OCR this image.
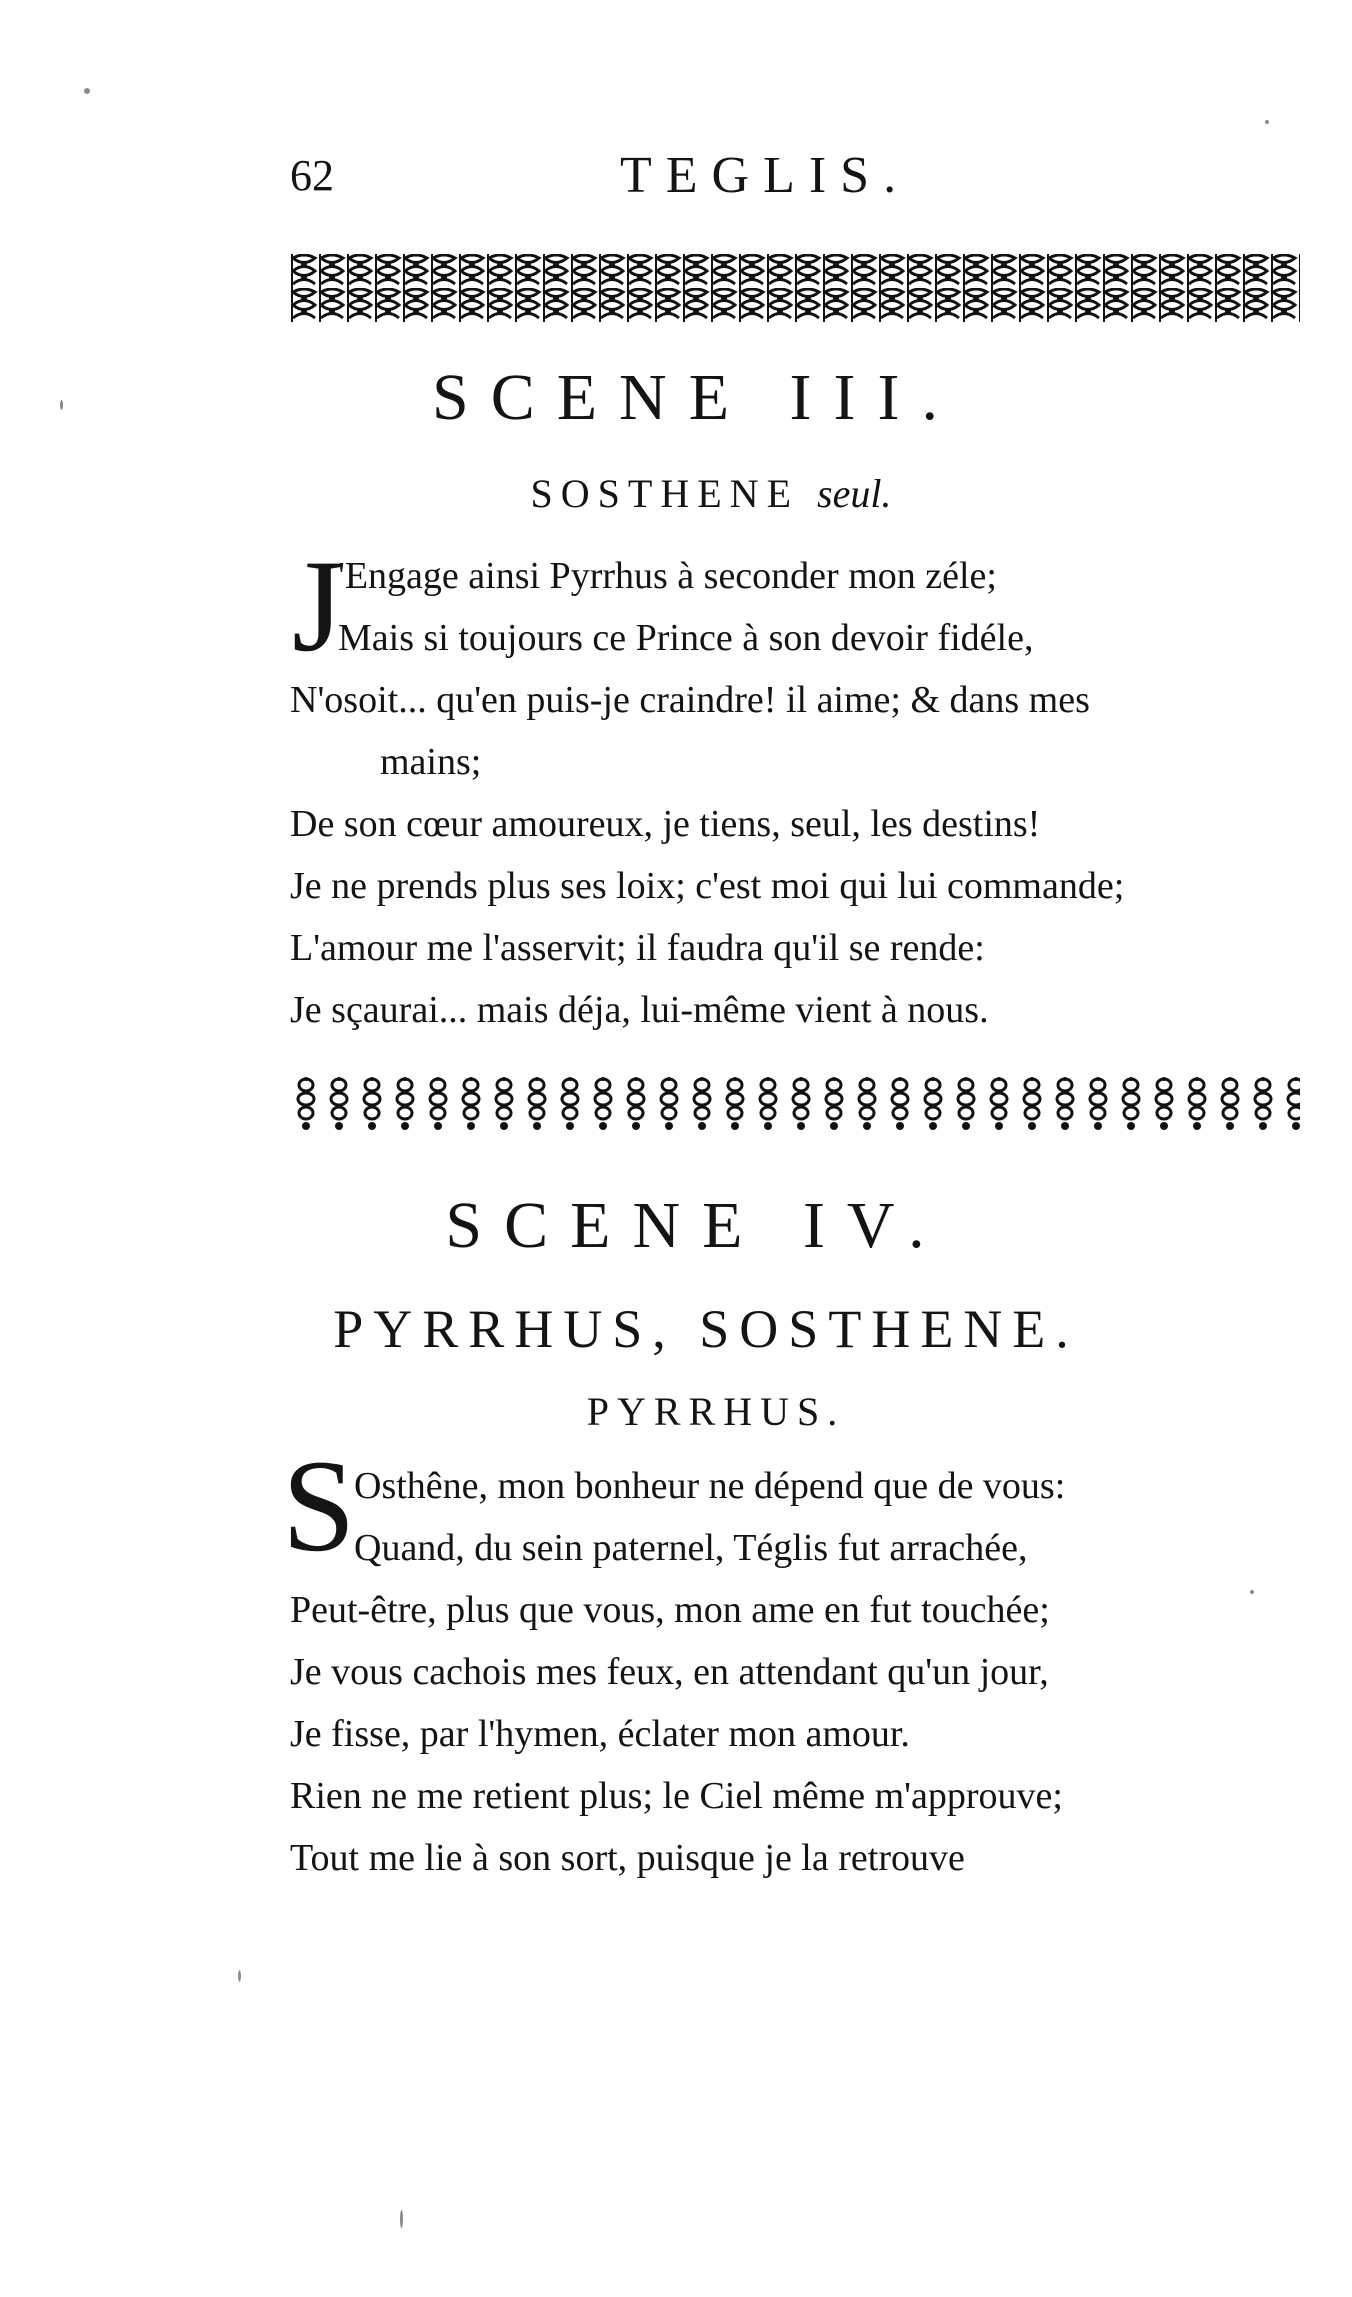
62	TEGLIS.
SCENE III.
SOSTHENE seul.
J
'Engage ainsi Pyrrhus à seconder mon zéle;
Mais si toujours ce Prince à son devoir fidéle,
N'osoit... qu'en puis-je craindre! il aime; & dans mes
mains;
De son cœur amoureux, je tiens, seul, les destins!
Je ne prends plus ses loix; c'est moi qui lui commande;
L'amour me l'asservit; il faudra qu'il se rende:
Je sçaurai... mais déja, lui-même vient à nous.
SCENE IV.
PYRRHUS, SOSTHENE.
PYRRHUS.
S
Osthêne, mon bonheur ne dépend que de vous:
Quand, du sein paternel, Téglis fut arrachée,
Peut-être, plus que vous, mon ame en fut touchée;
Je vous cachois mes feux, en attendant qu'un jour,
Je fisse, par l'hymen, éclater mon amour.
Rien ne me retient plus; le Ciel même m'approuve;
Tout me lie à son sort, puisque je la retrouve
